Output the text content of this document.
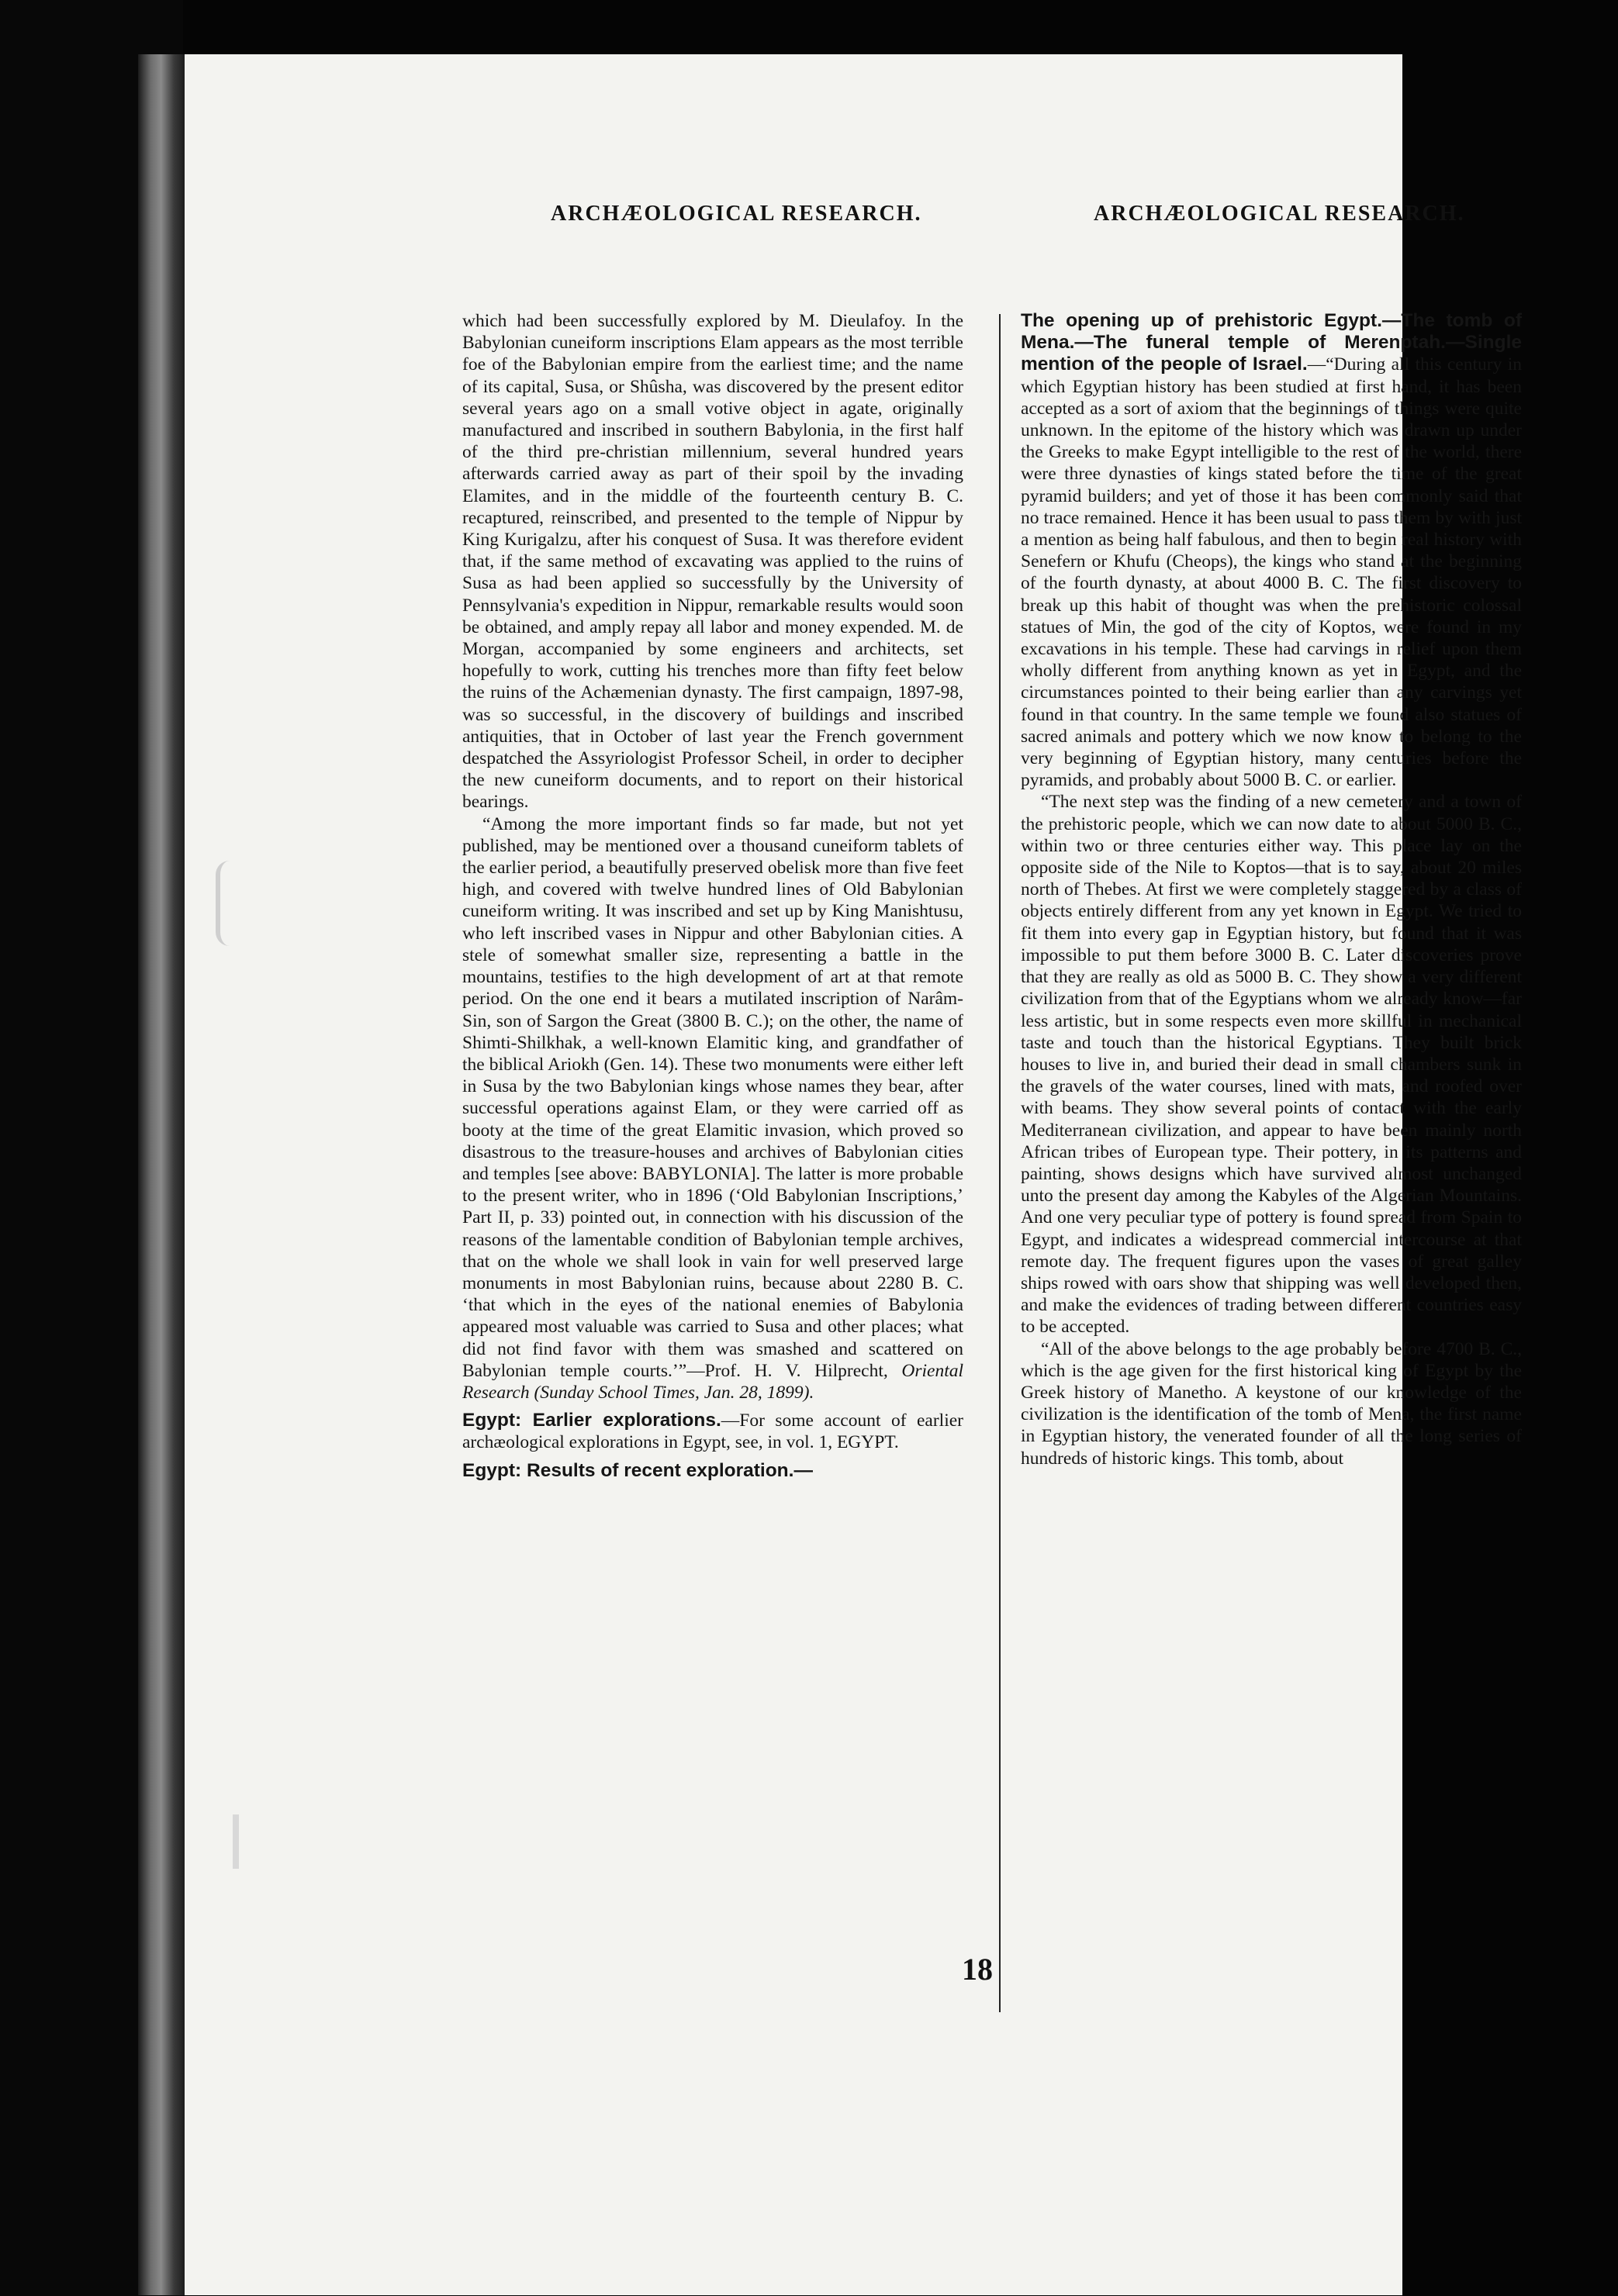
ARCHÆOLOGICAL RESEARCH.	ARCHÆOLOGICAL RESEARCH.

which had been successfully explored by M. Dieulafoy. In the Babylonian cuneiform inscriptions Elam appears as the most terrible foe of the Babylonian empire from the earliest time; and the name of its capital, Susa, or Shûsha, was discovered by the present editor several years ago on a small votive object in agate, originally manufactured and inscribed in southern Babylonia, in the first half of the third pre-christian millennium, several hundred years afterwards carried away as part of their spoil by the invading Elamites, and in the middle of the fourteenth century B. C. recaptured, reinscribed, and presented to the temple of Nippur by King Kurigalzu, after his conquest of Susa. It was therefore evident that, if the same method of excavating was applied to the ruins of Susa as had been applied so successfully by the University of Pennsylvania's expedition in Nippur, remarkable results would soon be obtained, and amply repay all labor and money expended. M. de Morgan, accompanied by some engineers and architects, set hopefully to work, cutting his trenches more than fifty feet below the ruins of the Achæmenian dynasty. The first campaign, 1897-98, was so successful, in the discovery of buildings and inscribed antiquities, that in October of last year the French government despatched the Assyriologist Professor Scheil, in order to decipher the new cuneiform documents, and to report on their historical bearings.

“Among the more important finds so far made, but not yet published, may be mentioned over a thousand cuneiform tablets of the earlier period, a beautifully preserved obelisk more than five feet high, and covered with twelve hundred lines of Old Babylonian cuneiform writing. It was inscribed and set up by King Manishtusu, who left inscribed vases in Nippur and other Babylonian cities. A stele of somewhat smaller size, representing a battle in the mountains, testifies to the high development of art at that remote period. On the one end it bears a mutilated inscription of Narâm-Sin, son of Sargon the Great (3800 B. C.); on the other, the name of Shimti-Shilkhak, a well-known Elamitic king, and grandfather of the biblical Ariokh (Gen. 14). These two monuments were either left in Susa by the two Babylonian kings whose names they bear, after successful operations against Elam, or they were carried off as booty at the time of the great Elamitic invasion, which proved so disastrous to the treasure-houses and archives of Babylonian cities and temples [see above: BABYLONIA]. The latter is more probable to the present writer, who in 1896 (‘Old Babylonian Inscriptions,’ Part II, p. 33) pointed out, in connection with his discussion of the reasons of the lamentable condition of Babylonian temple archives, that on the whole we shall look in vain for well preserved large monuments in most Babylonian ruins, because about 2280 B. C. ‘that which in the eyes of the national enemies of Babylonia appeared most valuable was carried to Susa and other places; what did not find favor with them was smashed and scattered on Babylonian temple courts.’”—Prof. H. V. Hilprecht, Oriental Research (Sunday School Times, Jan. 28, 1899).

Egypt: Earlier explorations.—For some account of earlier archæological explorations in Egypt, see, in vol. 1, EGYPT.

Egypt: Results of recent exploration.—

The opening up of prehistoric Egypt.—The tomb of Mena.—The funeral temple of Merenptah.—Single mention of the people of Israel.—“During all this century in which Egyptian history has been studied at first hand, it has been accepted as a sort of axiom that the beginnings of things were quite unknown. In the epitome of the history which was drawn up under the Greeks to make Egypt intelligible to the rest of the world, there were three dynasties of kings stated before the time of the great pyramid builders; and yet of those it has been commonly said that no trace remained. Hence it has been usual to pass them by with just a mention as being half fabulous, and then to begin real history with Senefern or Khufu (Cheops), the kings who stand at the beginning of the fourth dynasty, at about 4000 B. C. The first discovery to break up this habit of thought was when the prehistoric colossal statues of Min, the god of the city of Koptos, were found in my excavations in his temple. These had carvings in relief upon them wholly different from anything known as yet in Egypt, and the circumstances pointed to their being earlier than any carvings yet found in that country. In the same temple we found also statues of sacred animals and pottery which we now know to belong to the very beginning of Egyptian history, many centuries before the pyramids, and probably about 5000 B. C. or earlier.

“The next step was the finding of a new cemetery and a town of the prehistoric people, which we can now date to about 5000 B. C., within two or three centuries either way. This place lay on the opposite side of the Nile to Koptos—that is to say, about 20 miles north of Thebes. At first we were completely staggered by a class of objects entirely different from any yet known in Egypt. We tried to fit them into every gap in Egyptian history, but found that it was impossible to put them before 3000 B. C. Later discoveries prove that they are really as old as 5000 B. C. They show a very different civilization from that of the Egyptians whom we already know—far less artistic, but in some respects even more skillful in mechanical taste and touch than the historical Egyptians. They built brick houses to live in, and buried their dead in small chambers sunk in the gravels of the water courses, lined with mats, and roofed over with beams. They show several points of contact with the early Mediterranean civilization, and appear to have been mainly north African tribes of European type. Their pottery, in its patterns and painting, shows designs which have survived almost unchanged unto the present day among the Kabyles of the Algerian Mountains. And one very peculiar type of pottery is found spread from Spain to Egypt, and indicates a widespread commercial intercourse at that remote day. The frequent figures upon the vases of great galley ships rowed with oars show that shipping was well developed then, and make the evidences of trading between different countries easy to be accepted.

“All of the above belongs to the age probably before 4700 B. C., which is the age given for the first historical king of Egypt by the Greek history of Manetho. A keystone of our knowledge of the civilization is the identification of the tomb of Mena, the first name in Egyptian history, the venerated founder of all the long series of hundreds of historic kings. This tomb, about

18
